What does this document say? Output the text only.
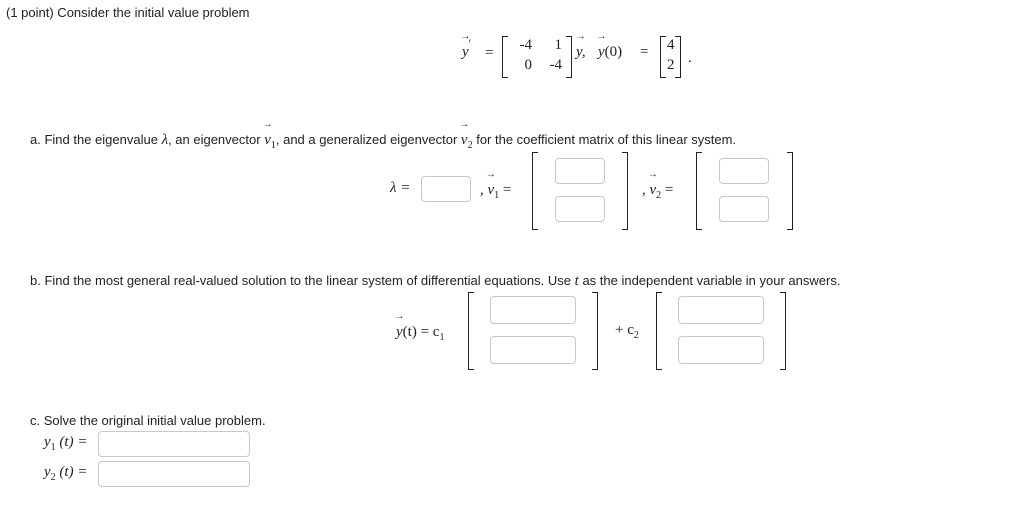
(1 point) Consider the initial value problem
→ y′
=	-4	1
0	-4
→ y, → y(0) = 4
2 .
a. Find the eigenvalue λ, an eigenvector → $v_1$, and a generalized eigenvector → $v_2$ for the coefficient matrix of this linear system.
λ =	, → $v_1$ =	, → $v_2$ =
b. Find the most general real-valued solution to the linear system of differential equations. Use t as the independent variable in your answers.
→ $y(t) = c_1$	+ $c_2$
c. Solve the original initial value problem.
$y_1$ (t) =
$y_2$ (t) =
